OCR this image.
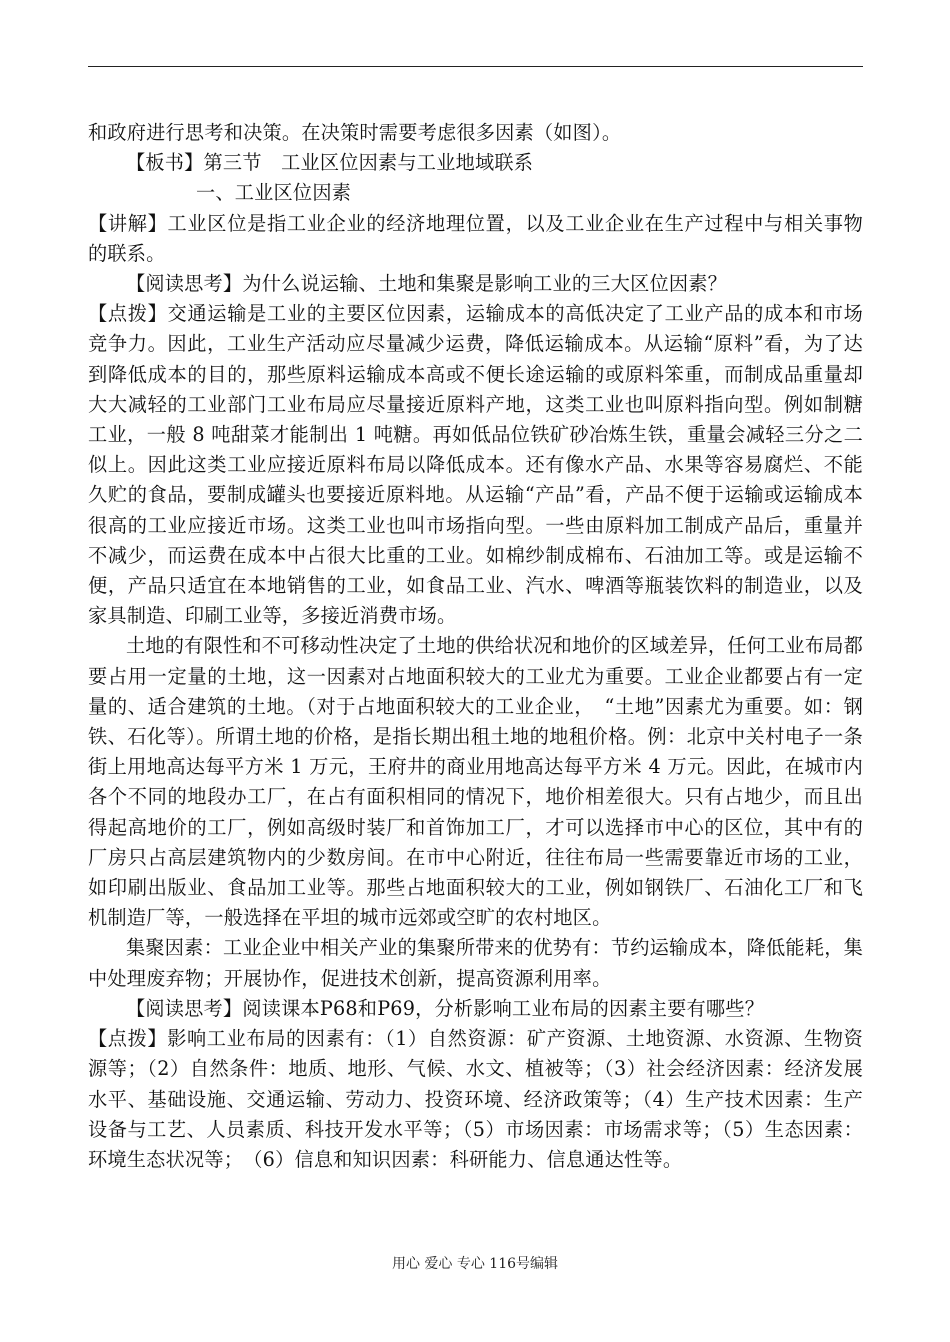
和政府进行思考和决策。在决策时需要考虑很多因素（如图）。

【板书】第三节　工业区位因素与工业地域联系

一、工业区位因素

【讲解】工业区位是指工业企业的经济地理位置，以及工业企业在生产过程中与相关事物的联系。

【阅读思考】为什么说运输、土地和集聚是影响工业的三大区位因素？

【点拨】交通运输是工业的主要区位因素，运输成本的高低决定了工业产品的成本和市场竞争力。因此，工业生产活动应尽量减少运费，降低运输成本。从运输“原料”看，为了达到降低成本的目的，那些原料运输成本高或不便长途运输的或原料笨重，而制成品重量却大大减轻的工业部门工业布局应尽量接近原料产地，这类工业也叫原料指向型。例如制糖工业，一般 8 吨甜菜才能制出 1 吨糖。再如低品位铁矿砂冶炼生铁，重量会减轻三分之二似上。因此这类工业应接近原料布局以降低成本。还有像水产品、水果等容易腐烂、不能久贮的食品，要制成罐头也要接近原料地。从运输“产品”看，产品不便于运输或运输成本很高的工业应接近市场。这类工业也叫市场指向型。一些由原料加工制成产品后，重量并不减少，而运费在成本中占很大比重的工业。如棉纱制成棉布、石油加工等。或是运输不便，产品只适宜在本地销售的工业，如食品工业、汽水、啤酒等瓶装饮料的制造业，以及家具制造、印刷工业等，多接近消费市场。

土地的有限性和不可移动性决定了土地的供给状况和地价的区域差异，任何工业布局都要占用一定量的土地，这一因素对占地面积较大的工业尤为重要。工业企业都要占有一定量的、适合建筑的土地。（对于占地面积较大的工业企业，　“土地”因素尤为重要。如：钢铁、石化等）。所谓土地的价格，是指长期出租土地的地租价格。例：北京中关村电子一条街上用地高达每平方米 1 万元，王府井的商业用地高达每平方米 4 万元。因此，在城市内各个不同的地段办工厂，在占有面积相同的情况下，地价相差很大。只有占地少，而且出得起高地价的工厂，例如高级时装厂和首饰加工厂，才可以选择市中心的区位，其中有的厂房只占高层建筑物内的少数房间。在市中心附近，往往布局一些需要靠近市场的工业，如印刷出版业、食品加工业等。那些占地面积较大的工业，例如钢铁厂、石油化工厂和飞机制造厂等，一般选择在平坦的城市远郊或空旷的农村地区。

集聚因素：工业企业中相关产业的集聚所带来的优势有：节约运输成本，降低能耗，集中处理废弃物；开展协作，促进技术创新，提高资源利用率。

【阅读思考】阅读课本P68和P69，分析影响工业布局的因素主要有哪些？

【点拨】影响工业布局的因素有：（1）自然资源：矿产资源、土地资源、水资源、生物资源等；（2）自然条件：地质、地形、气候、水文、植被等；（3）社会经济因素：经济发展水平、基础设施、交通运输、劳动力、投资环境、经济政策等；（4）生产技术因素：生产设备与工艺、人员素质、科技开发水平等；（5）市场因素：市场需求等；（5）生态因素：环境生态状况等；　（6）信息和知识因素：科研能力、信息通达性等。

用心 爱心 专心 116号编辑
